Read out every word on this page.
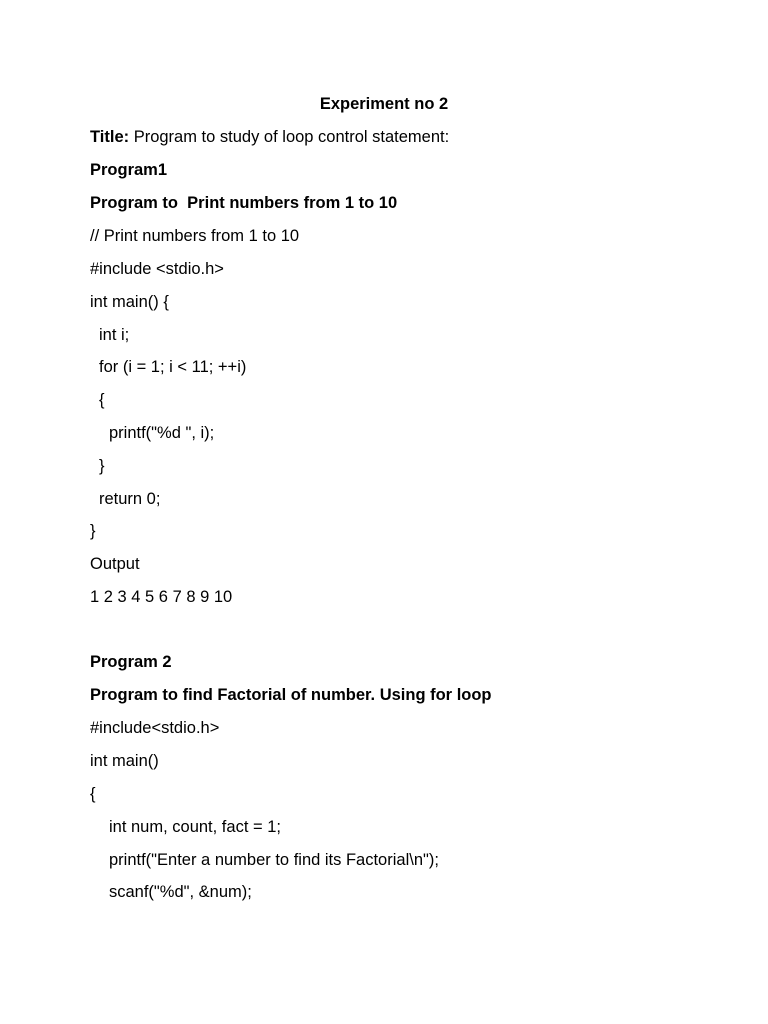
Experiment no 2
Title: Program to study of loop control statement:
Program1
Program to  Print numbers from 1 to 10
// Print numbers from 1 to 10
#include <stdio.h>
int main() {
int i;
for (i = 1; i < 11; ++i)
{
printf("%d ", i);
}
return 0;
}
Output
1 2 3 4 5 6 7 8 9 10
Program 2
Program to find Factorial of number. Using for loop
#include<stdio.h>
int main()
{
int num, count, fact = 1;
printf("Enter a number to find its Factorial\n");
scanf("%d", &num);
